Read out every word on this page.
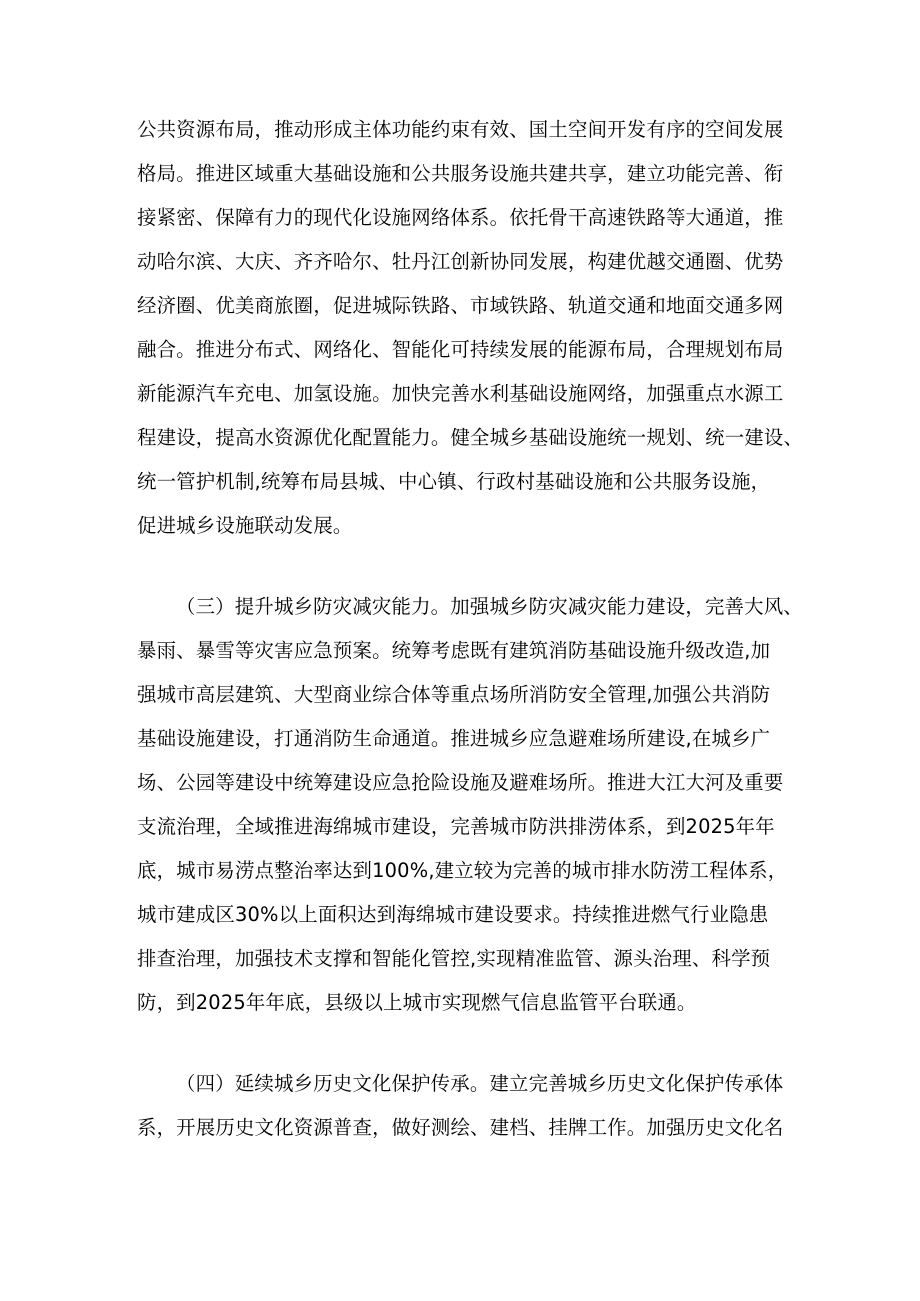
公共资源布局，推动形成主体功能约束有效、国土空间开发有序的空间发展
格局。推进区域重大基础设施和公共服务设施共建共享，建立功能完善、衔
接紧密、保障有力的现代化设施网络体系。依托骨干高速铁路等大通道，推
动哈尔滨、大庆、齐齐哈尔、牡丹江创新协同发展，构建优越交通圈、优势
经济圈、优美商旅圈，促进城际铁路、市域铁路、轨道交通和地面交通多网
融合。推进分布式、网络化、智能化可持续发展的能源布局，合理规划布局
新能源汽车充电、加氢设施。加快完善水利基础设施网络，加强重点水源工
程建设，提高水资源优化配置能力。健全城乡基础设施统一规划、统一建设、
统一管护机制,统筹布局县城、中心镇、行政村基础设施和公共服务设施，
促进城乡设施联动发展。
（三）提升城乡防灾减灾能力。加强城乡防灾减灾能力建设，完善大风、
暴雨、暴雪等灾害应急预案。统筹考虑既有建筑消防基础设施升级改造,加
强城市高层建筑、大型商业综合体等重点场所消防安全管理,加强公共消防
基础设施建设，打通消防生命通道。推进城乡应急避难场所建设,在城乡广
场、公园等建设中统筹建设应急抢险设施及避难场所。推进大江大河及重要
支流治理，全域推进海绵城市建设，完善城市防洪排涝体系，到2025年年
底，城市易涝点整治率达到100%,建立较为完善的城市排水防涝工程体系，
城市建成区30%以上面积达到海绵城市建设要求。持续推进燃气行业隐患
排查治理，加强技术支撑和智能化管控,实现精准监管、源头治理、科学预
防，到2025年年底，县级以上城市实现燃气信息监管平台联通。
（四）延续城乡历史文化保护传承。建立完善城乡历史文化保护传承体
系，开展历史文化资源普查，做好测绘、建档、挂牌工作。加强历史文化名
